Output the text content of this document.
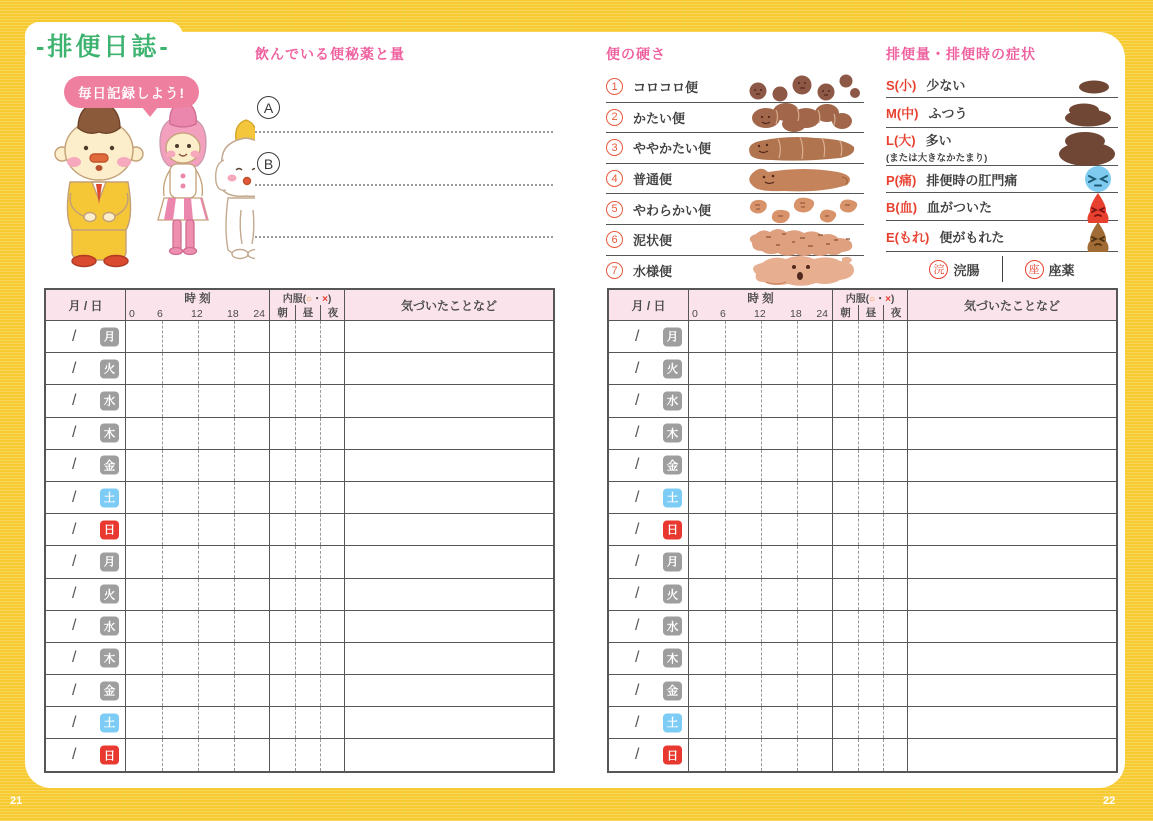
-排便日誌-
毎日記録しよう!
飲んでいる便秘薬と量
A
B
便の硬さ
1	コロコロ便
2	かたい便
3	ややかたい便
4	普通便
5	やわらかい便
6	泥状便
7	水様便
排便量・排便時の症状
S(小) 少ない
M(中) ふつう
L(大) 多い
(または大きなかたまり)
P(痛) 排便時の肛門痛
B(血) 血がついた
E(もれ) 便がもれた
浣 浣腸	座 座薬
月 / 日	時 刻
0 6	12 18 24
内服(○・×)
朝	昼	夜
気づいたことなど
/	月
/	火
/	水
/	木
/	金
/	土
/	日
/	月
/	火
/	水
/	木
/	金
/	土
/	日
月 / 日	時 刻
0 6	12 18 24
内服(○・×)
朝	昼	夜
気づいたことなど
/	月
/	火
/	水
/	木
/	金
/	土
/	日
/	月
/	火
/	水
/	木
/	金
/	土
/	日
21	22
